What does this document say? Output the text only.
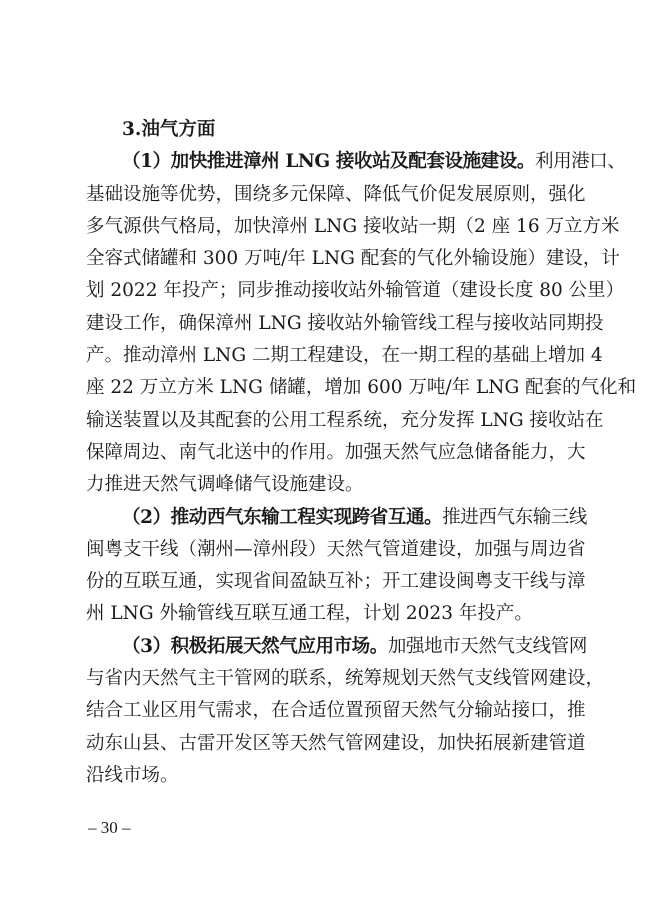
3.油气方面
（1）加快推进漳州 LNG 接收站及配套设施建设。利用港口、
基础设施等优势，围绕多元保障、降低气价促发展原则，强化
多气源供气格局，加快漳州 LNG 接收站一期（2 座 16 万立方米
全容式储罐和 300 万吨/年 LNG 配套的气化外输设施）建设，计
划 2022 年投产；同步推动接收站外输管道（建设长度 80 公里）
建设工作，确保漳州 LNG 接收站外输管线工程与接收站同期投
产。推动漳州 LNG 二期工程建设，在一期工程的基础上增加 4
座 22 万立方米 LNG 储罐，增加 600 万吨/年 LNG 配套的气化和
输送装置以及其配套的公用工程系统，充分发挥 LNG 接收站在
保障周边、南气北送中的作用。加强天然气应急储备能力，大
力推进天然气调峰储气设施建设。
（2）推动西气东输工程实现跨省互通。推进西气东输三线
闽粤支干线（潮州—漳州段）天然气管道建设，加强与周边省
份的互联互通，实现省间盈缺互补；开工建设闽粤支干线与漳
州 LNG 外输管线互联互通工程，计划 2023 年投产。
（3）积极拓展天然气应用市场。加强地市天然气支线管网
与省内天然气主干管网的联系，统筹规划天然气支线管网建设，
结合工业区用气需求，在合适位置预留天然气分输站接口，推
动东山县、古雷开发区等天然气管网建设，加快拓展新建管道
沿线市场。
– 30 –
